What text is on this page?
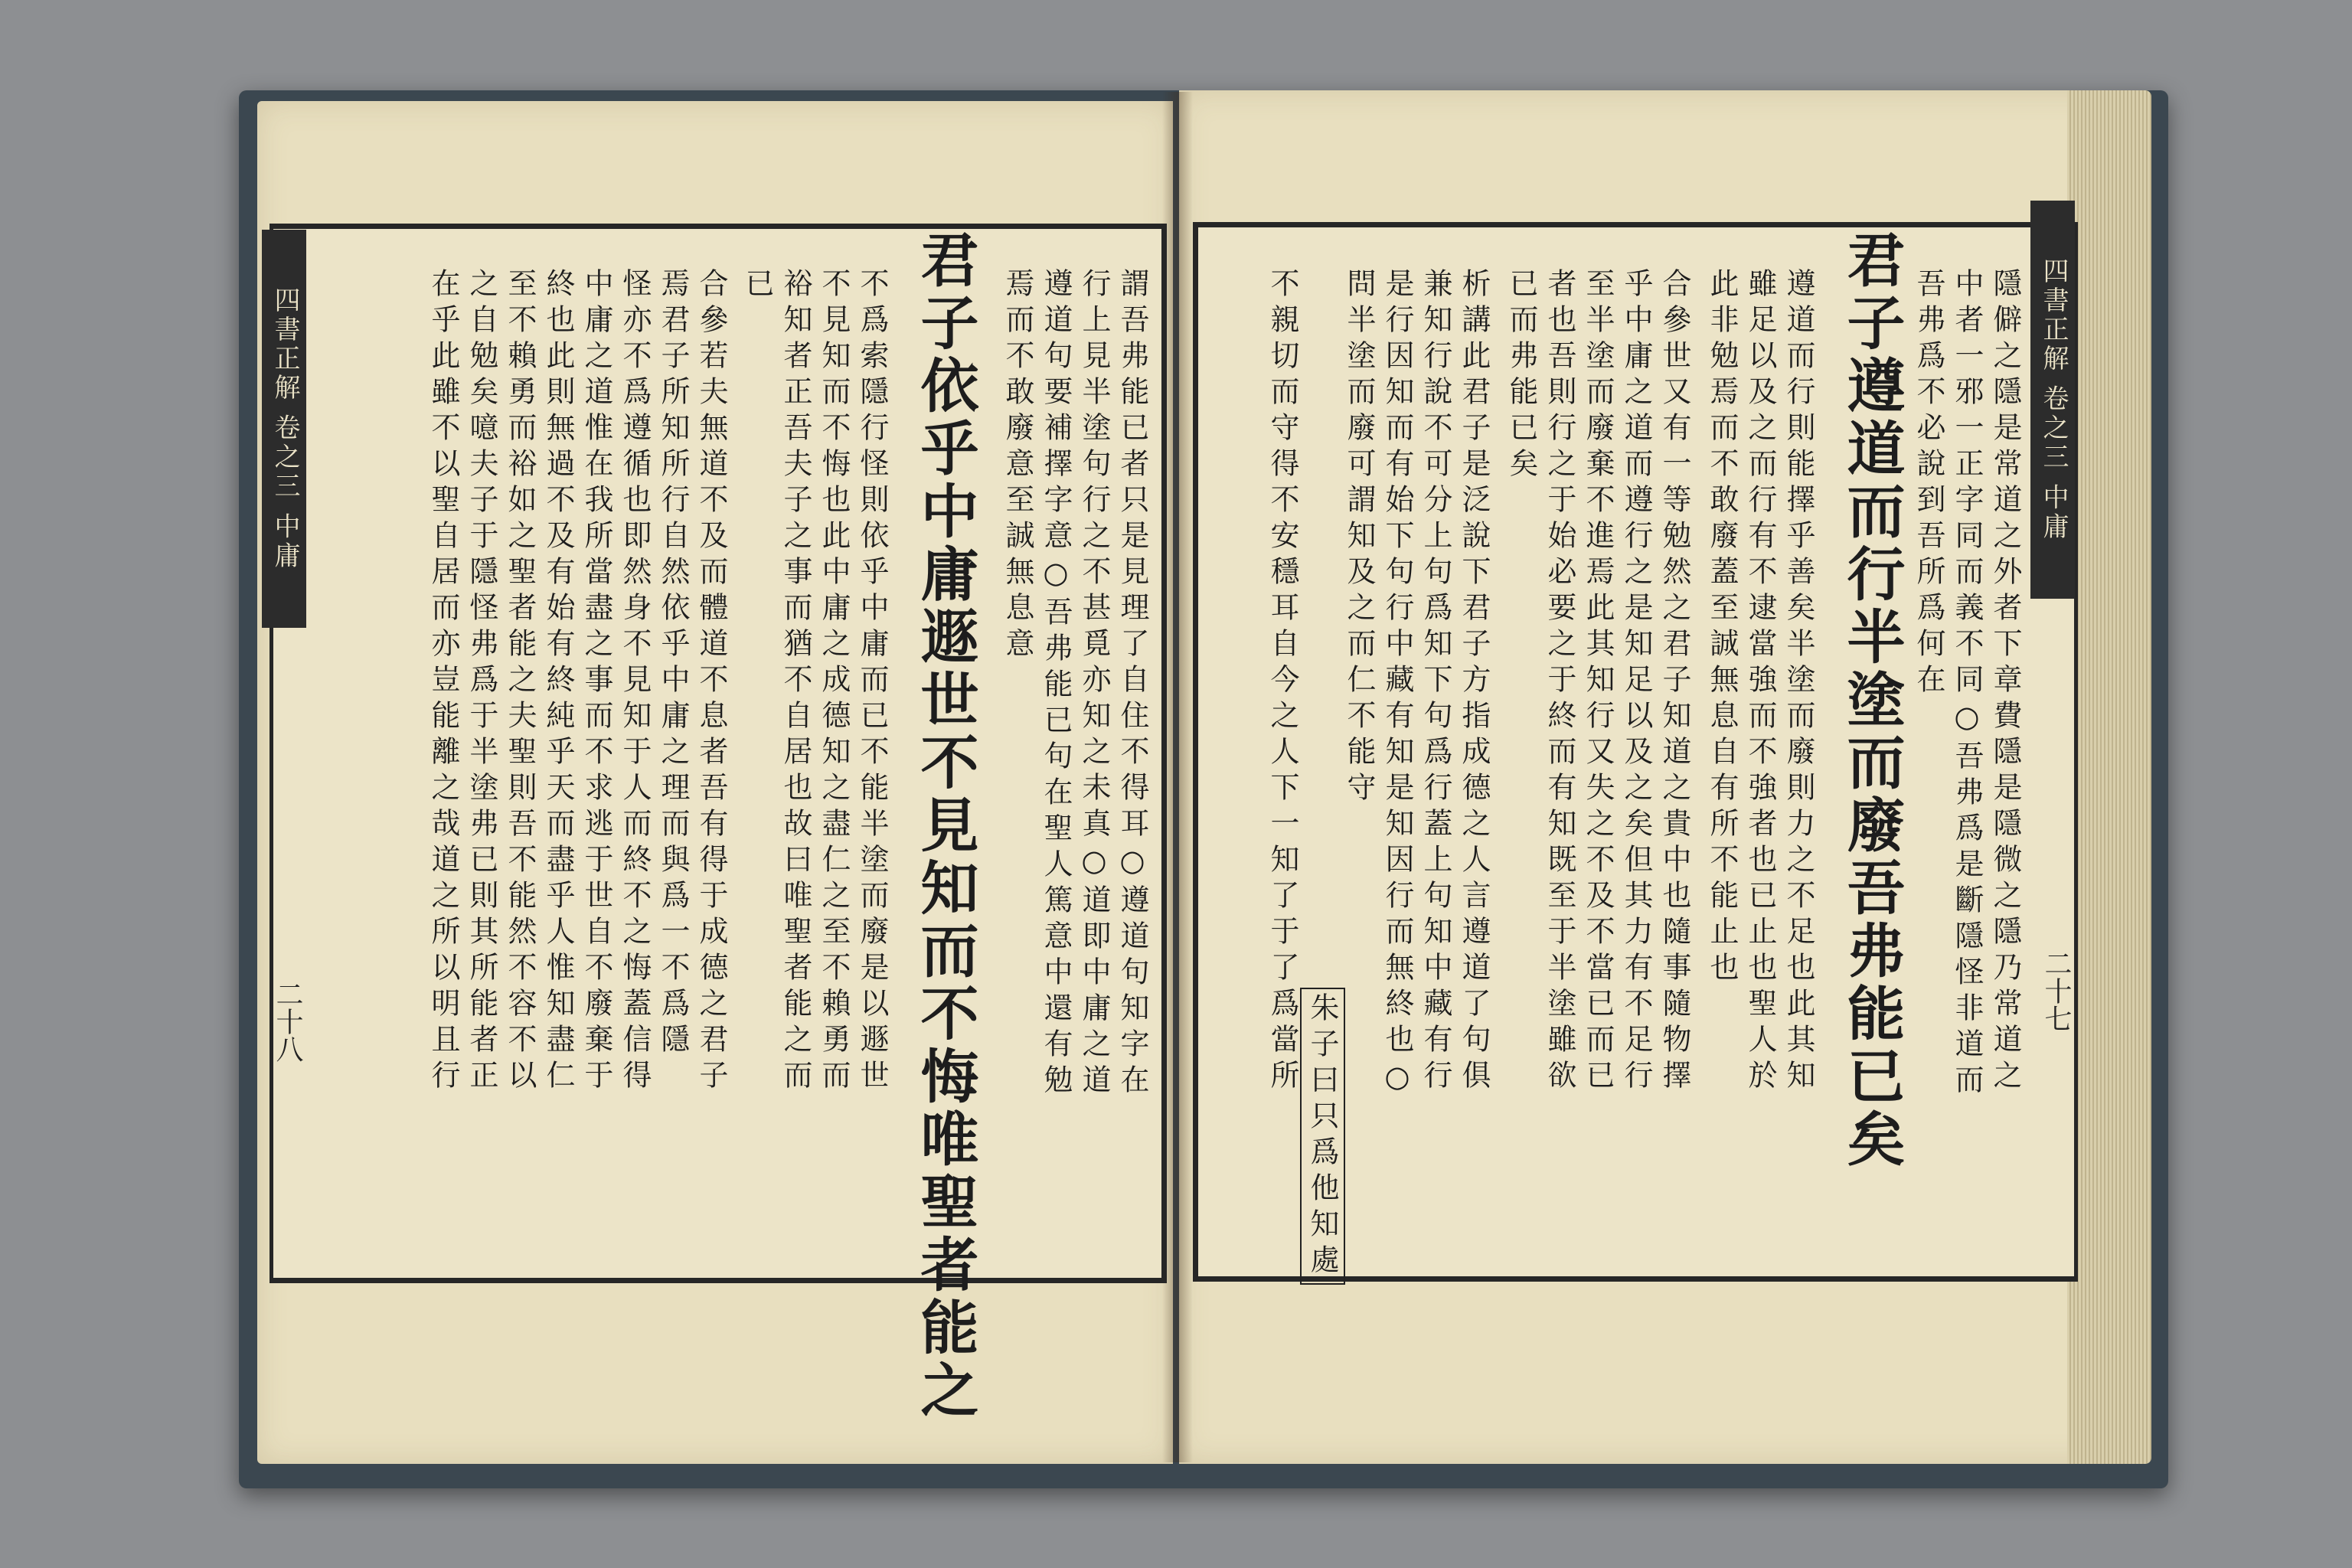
四書正解 卷之三 中庸	四書正解 卷之三 中庸
二十八	二十七
謂吾弗能已者只是見理了自住不得耳○遵道句知字在
行上見半塗句行之不甚覓亦知之未真○道即中庸之道
遵道句要補擇字意○吾弗能已句在聖人篤意中還有勉
焉而不敢廢意至誠無息意
君子依乎中庸遯世不見知而不悔唯聖者能之
不爲索隱行怪則依乎中庸而已不能半塗而廢是以遯世
不見知而不悔也此中庸之成德知之盡仁之至不賴勇而
裕知者正吾夫子之事而猶不自居也故曰唯聖者能之而
已
合參若夫無道不及而體道不息者吾有得于成德之君子
焉君子所知所行自然依乎中庸之理而與爲一不爲隱
怪亦不爲遵循也即然身不見知于人而終不之悔蓋信得
中庸之道惟在我所當盡之事而不求逃于世自不廢棄于
終也此則無過不及有始有終純乎天而盡乎人惟知盡仁
至不賴勇而裕如之聖者能之夫聖則吾不能然不容不以
之自勉矣噫夫子于隱怪弗爲于半塗弗已則其所能者正
在乎此雖不以聖自居而亦豈能離之哉道之所以明且行	隱僻之隱是常道之外者下章費隱是隱微之隱乃常道之
中者一邪一正字同而義不同○吾弗爲是斷隱怪非道而
吾弗爲不必說到吾所爲何在
君子遵道而行半塗而廢吾弗能已矣
遵道而行則能擇乎善矣半塗而廢則力之不足也此其知
雖足以及之而行有不逮當強而不強者也已止也聖人於
此非勉焉而不敢廢蓋至誠無息自有所不能止也
合參世又有一等勉然之君子知道之貴中也隨事隨物擇
乎中庸之道而遵行之是知足以及之矣但其力有不足行
至半塗而廢棄不進焉此其知行又失之不及不當已而已
者也吾則行之于始必要之于終而有知既至于半塗雖欲
已而弗能已矣
析講此君子是泛說下君子方指成德之人言遵道了句俱
兼知行說不可分上句爲知下句爲行蓋上句知中藏有行
是行因知而有始下句行中藏有知是知因行而無終也○
問半塗而廢可謂知及之而仁不能守
朱子曰只爲他知處
不親切而守得不安穩耳自今之人下一知了于了爲當所
